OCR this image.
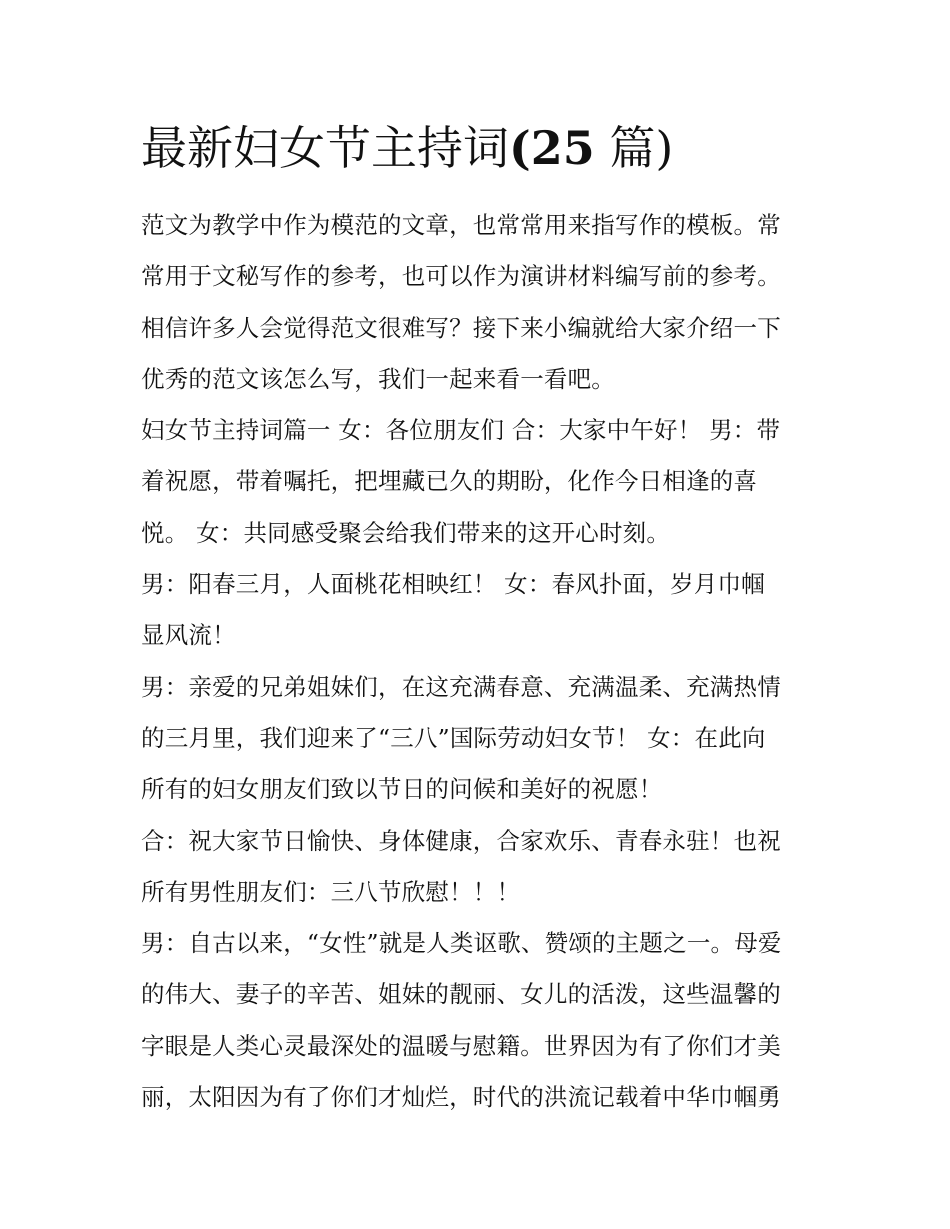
最新妇女节主持词(25 篇)
范文为教学中作为模范的文章，也常常用来指写作的模板。常
常用于文秘写作的参考，也可以作为演讲材料编写前的参考。
相信许多人会觉得范文很难写？接下来小编就给大家介绍一下
优秀的范文该怎么写，我们一起来看一看吧。
妇女节主持词篇一 女：各位朋友们 合：大家中午好！ 男：带
着祝愿，带着嘱托，把埋藏已久的期盼，化作今日相逢的喜
悦。 女：共同感受聚会给我们带来的这开心时刻。
男：阳春三月，人面桃花相映红！ 女：春风扑面，岁月巾帼
显风流！
男：亲爱的兄弟姐妹们，在这充满春意、充满温柔、充满热情
的三月里，我们迎来了“三八”国际劳动妇女节！ 女：在此向
所有的妇女朋友们致以节日的问候和美好的祝愿！
合：祝大家节日愉快、身体健康，合家欢乐、青春永驻！也祝
所有男性朋友们：三八节欣慰！！！
男：自古以来，“女性”就是人类讴歌、赞颂的主题之一。母爱
的伟大、妻子的辛苦、姐妹的靓丽、女儿的活泼，这些温馨的
字眼是人类心灵最深处的温暖与慰籍。世界因为有了你们才美
丽，太阳因为有了你们才灿烂，时代的洪流记载着中华巾帼勇
